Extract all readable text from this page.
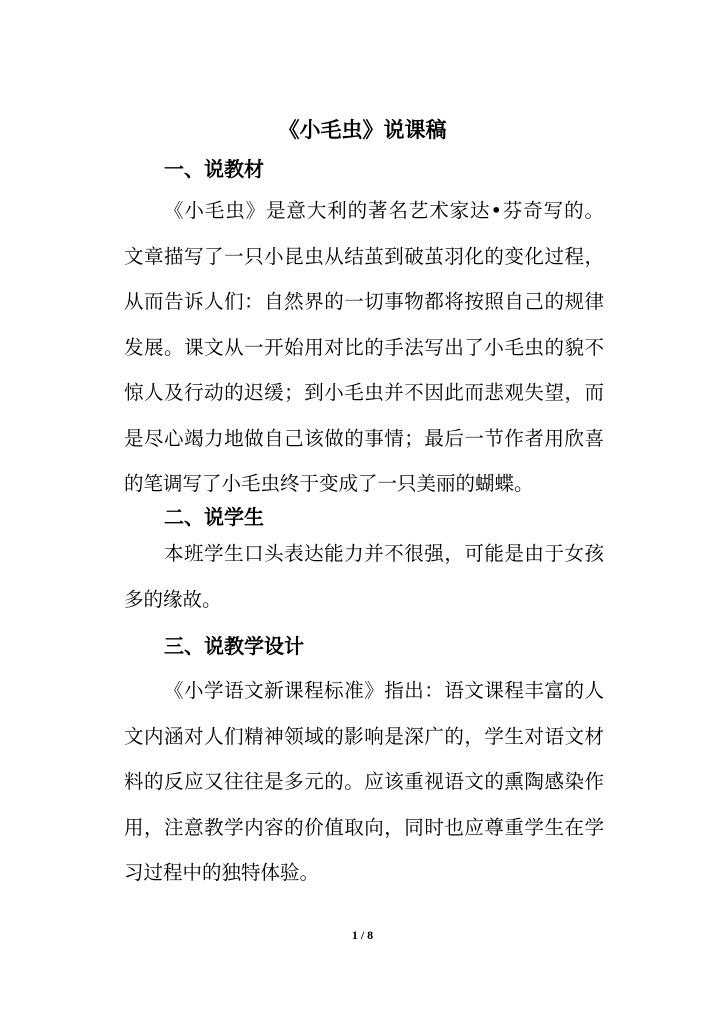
《小毛虫》说课稿
一、说教材
《小毛虫》是意大利的著名艺术家达•芬奇写的。文章描写了一只小昆虫从结茧到破茧羽化的变化过程，从而告诉人们：自然界的一切事物都将按照自己的规律发展。课文从一开始用对比的手法写出了小毛虫的貌不惊人及行动的迟缓；到小毛虫并不因此而悲观失望，而是尽心竭力地做自己该做的事情；最后一节作者用欣喜的笔调写了小毛虫终于变成了一只美丽的蝴蝶。
二、说学生
本班学生口头表达能力并不很强，可能是由于女孩多的缘故。
三、说教学设计
《小学语文新课程标准》指出：语文课程丰富的人文内涵对人们精神领域的影响是深广的，学生对语文材料的反应又往往是多元的。应该重视语文的熏陶感染作用，注意教学内容的价值取向，同时也应尊重学生在学习过程中的独特体验。
1 / 8
